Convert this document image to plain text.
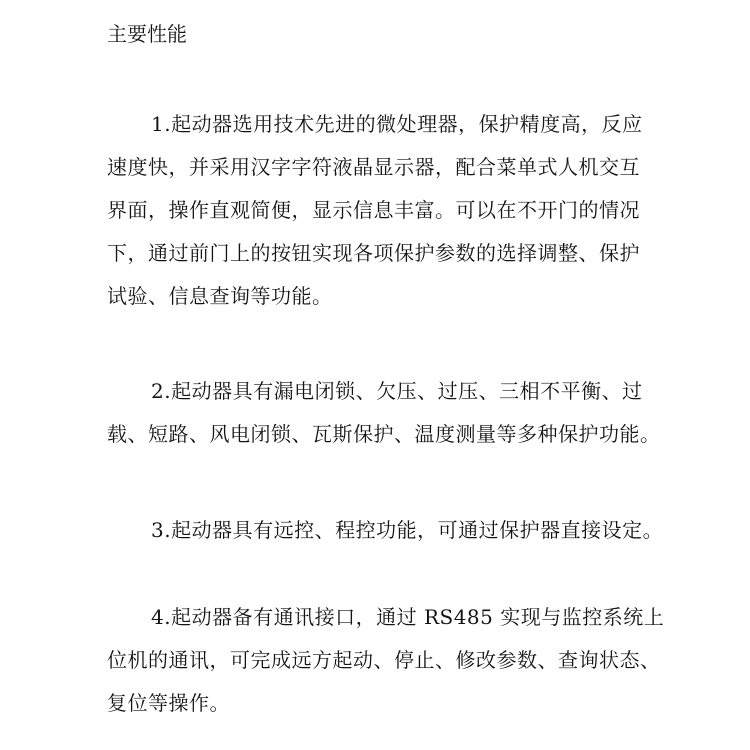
主要性能
1.起动器选用技术先进的微处理器，保护精度高，反应
速度快，并采用汉字字符液晶显示器，配合菜单式人机交互
界面，操作直观简便，显示信息丰富。可以在不开门的情况
下，通过前门上的按钮实现各项保护参数的选择调整、保护
试验、信息查询等功能。
2.起动器具有漏电闭锁、欠压、过压、三相不平衡、过
载、短路、风电闭锁、瓦斯保护、温度测量等多种保护功能。
3.起动器具有远控、程控功能，可通过保护器直接设定。
4.起动器备有通讯接口，通过 RS485 实现与监控系统上
位机的通讯，可完成远方起动、停止、修改参数、查询状态、
复位等操作。
